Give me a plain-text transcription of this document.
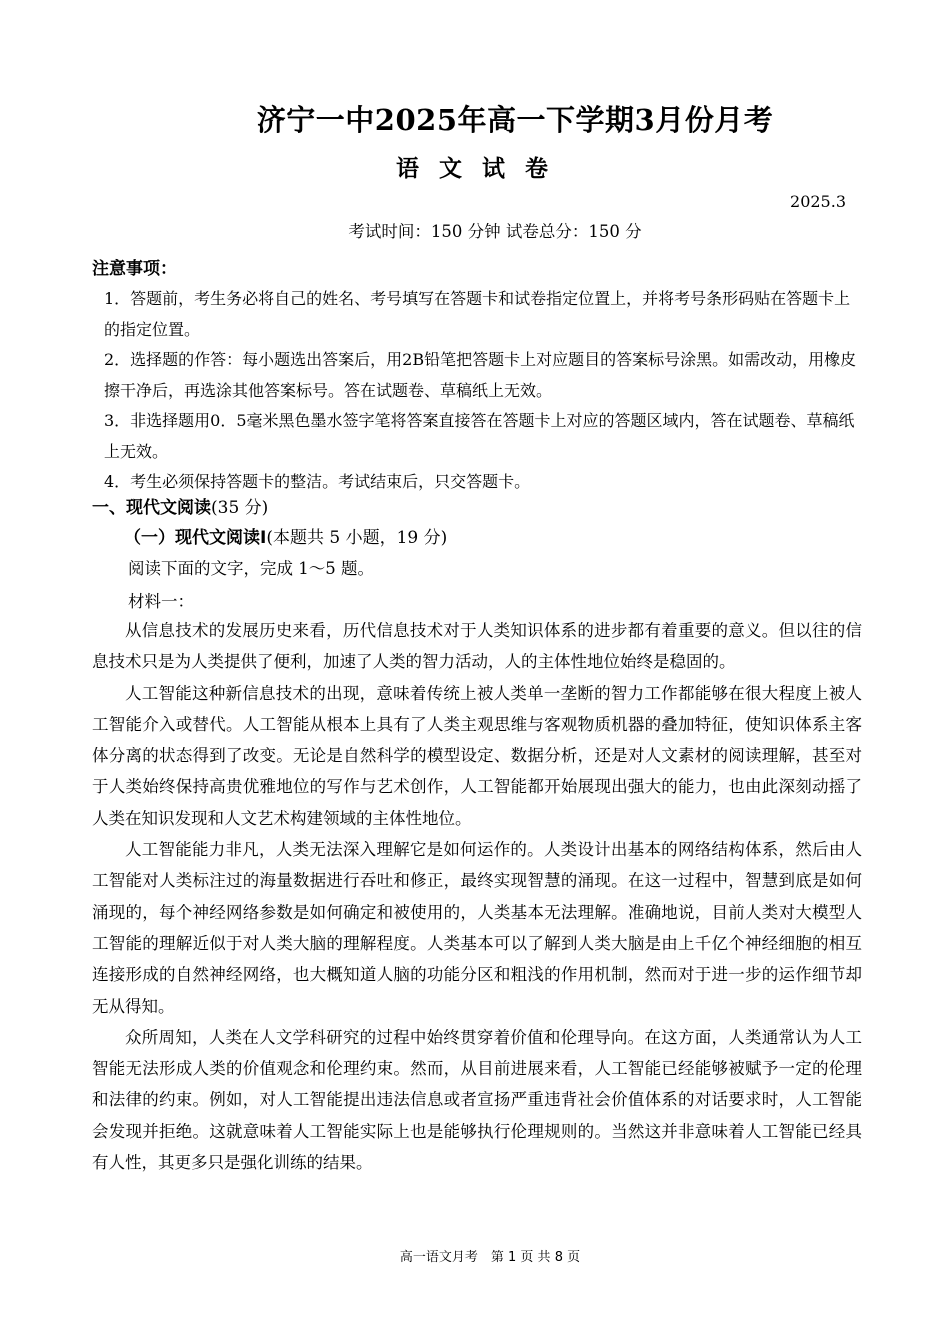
济宁一中2025年高一下学期3月份月考
语 文 试 卷
2025.3
考试时间：150 分钟 试卷总分：150 分
注意事项：

1．答题前，考生务必将自己的姓名、考号填写在答题卡和试卷指定位置上，并将考号条形码贴在答题卡上的指定位置。

2．选择题的作答：每小题选出答案后，用2B铅笔把答题卡上对应题目的答案标号涂黑。如需改动，用橡皮擦干净后，再选涂其他答案标号。答在试题卷、草稿纸上无效。

3．非选择题用0．5毫米黑色墨水签字笔将答案直接答在答题卡上对应的答题区域内，答在试题卷、草稿纸上无效。

4．考生必须保持答题卡的整洁。考试结束后，只交答题卡。

一、现代文阅读(35 分)
（一）现代文阅读Ⅰ(本题共 5 小题，19 分)
阅读下面的文字，完成 1～5 题。
材料一：

从信息技术的发展历史来看，历代信息技术对于人类知识体系的进步都有着重要的意义。但以往的信息技术只是为人类提供了便利，加速了人类的智力活动，人的主体性地位始终是稳固的。

人工智能这种新信息技术的出现，意味着传统上被人类单一垄断的智力工作都能够在很大程度上被人工智能介入或替代。人工智能从根本上具有了人类主观思维与客观物质机器的叠加特征，使知识体系主客体分离的状态得到了改变。无论是自然科学的模型设定、数据分析，还是对人文素材的阅读理解，甚至对于人类始终保持高贵优雅地位的写作与艺术创作，人工智能都开始展现出强大的能力，也由此深刻动摇了人类在知识发现和人文艺术构建领域的主体性地位。

人工智能能力非凡，人类无法深入理解它是如何运作的。人类设计出基本的网络结构体系，然后由人工智能对人类标注过的海量数据进行吞吐和修正，最终实现智慧的涌现。在这一过程中，智慧到底是如何涌现的，每个神经网络参数是如何确定和被使用的，人类基本无法理解。准确地说，目前人类对大模型人工智能的理解近似于对人类大脑的理解程度。人类基本可以了解到人类大脑是由上千亿个神经细胞的相互连接形成的自然神经网络，也大概知道人脑的功能分区和粗浅的作用机制，然而对于进一步的运作细节却无从得知。

众所周知，人类在人文学科研究的过程中始终贯穿着价值和伦理导向。在这方面，人类通常认为人工智能无法形成人类的价值观念和伦理约束。然而，从目前进展来看，人工智能已经能够被赋予一定的伦理和法律的约束。例如，对人工智能提出违法信息或者宣扬严重违背社会价值体系的对话要求时，人工智能会发现并拒绝。这就意味着人工智能实际上也是能够执行伦理规则的。当然这并非意味着人工智能已经具有人性，其更多只是强化训练的结果。

高一语文月考　第 1 页 共 8 页
